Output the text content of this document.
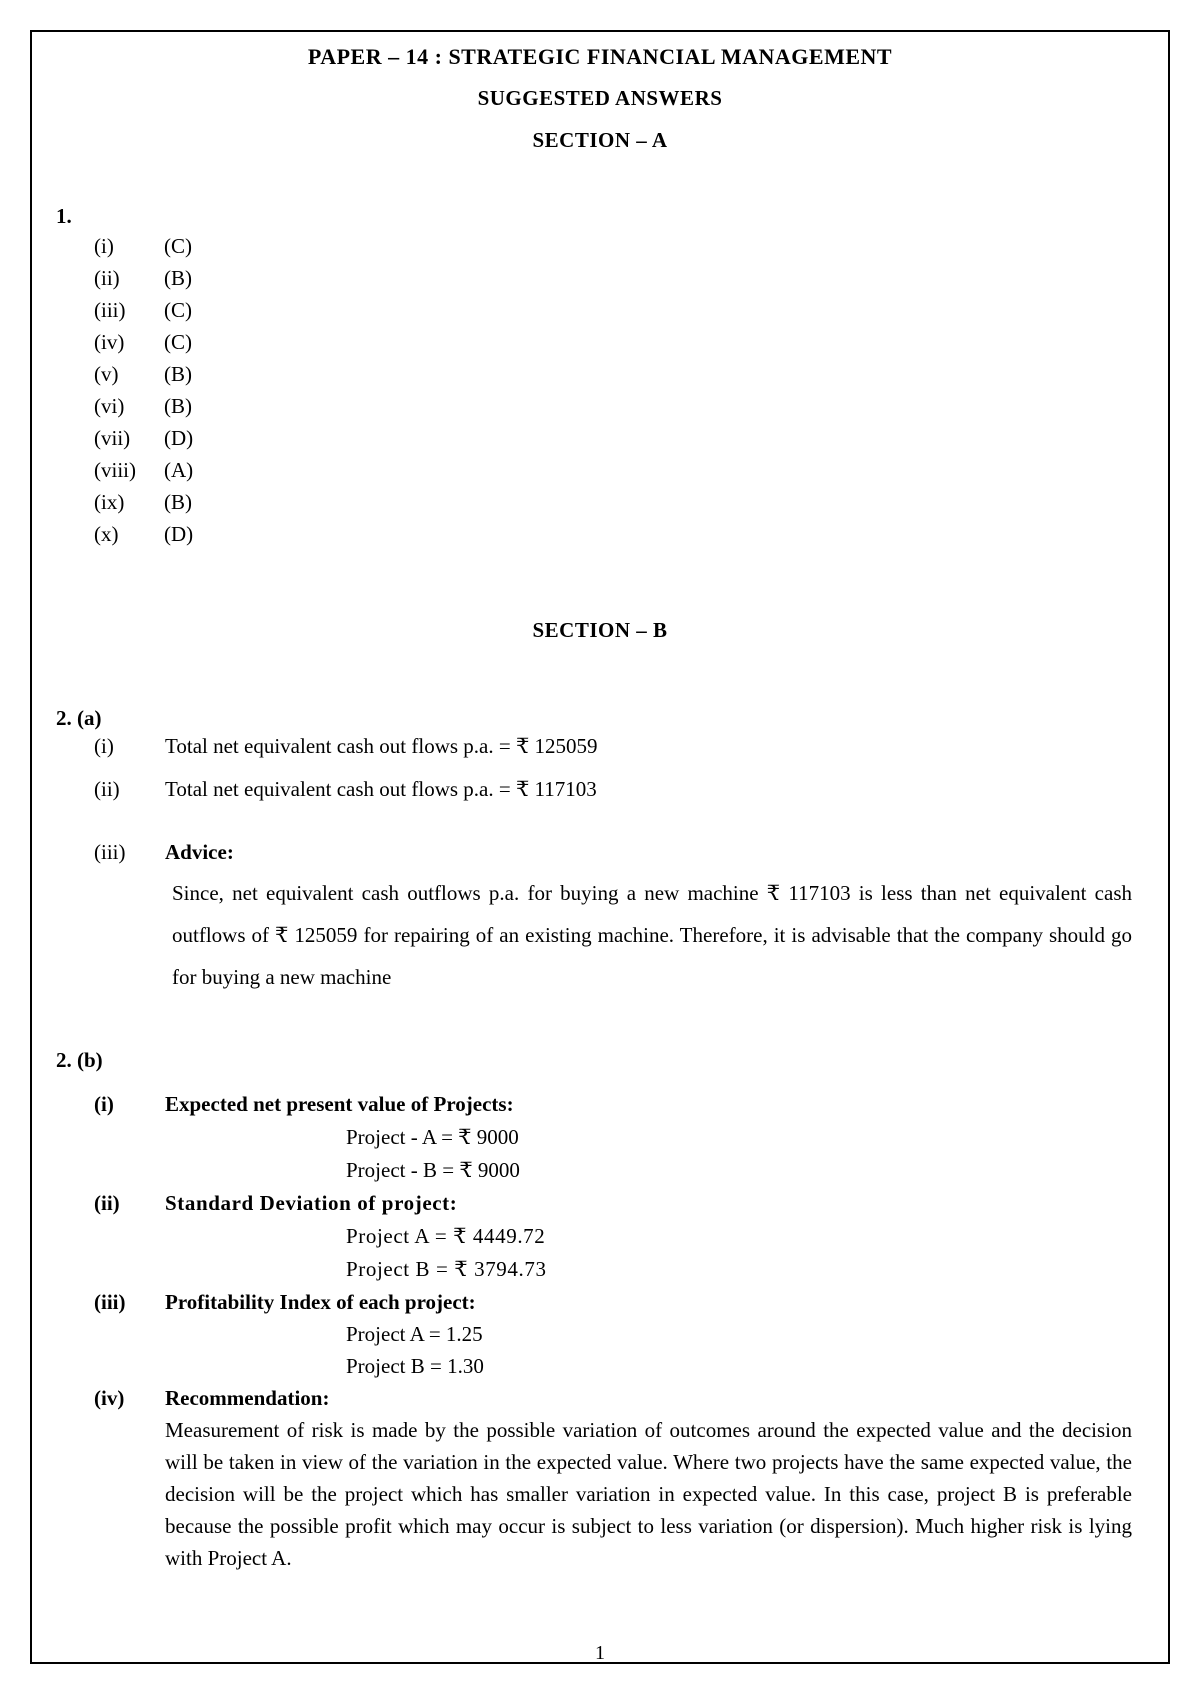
PAPER – 14 : STRATEGIC FINANCIAL MANAGEMENT
SUGGESTED ANSWERS
SECTION – A
1.
(i)	(C)
(ii)	(B)
(iii)	(C)
(iv)	(C)
(v)	(B)
(vi)	(B)
(vii)	(D)
(viii)	(A)
(ix)	(B)
(x)	(D)
SECTION – B
2. (a)
(i) Total net equivalent cash out flows p.a. = ₹ 125059
(ii) Total net equivalent cash out flows p.a. = ₹ 117103
(iii) Advice:
Since, net equivalent cash outflows p.a. for buying a new machine ₹ 117103 is less than net equivalent cash outflows of ₹ 125059 for repairing of an existing machine. Therefore, it is advisable that the company should go for buying a new machine
2. (b)
(i) Expected net present value of Projects:
Project - A = ₹ 9000
Project - B = ₹ 9000
(ii) Standard Deviation of project:
Project A = ₹ 4449.72
Project B = ₹ 3794.73
(iii) Profitability Index of each project:
Project A = 1.25
Project B = 1.30
(iv) Recommendation:
Measurement of risk is made by the possible variation of outcomes around the expected value and the decision will be taken in view of the variation in the expected value. Where two projects have the same expected value, the decision will be the project which has smaller variation in expected value. In this case, project B is preferable because the possible profit which may occur is subject to less variation (or dispersion). Much higher risk is lying with Project A.
1
